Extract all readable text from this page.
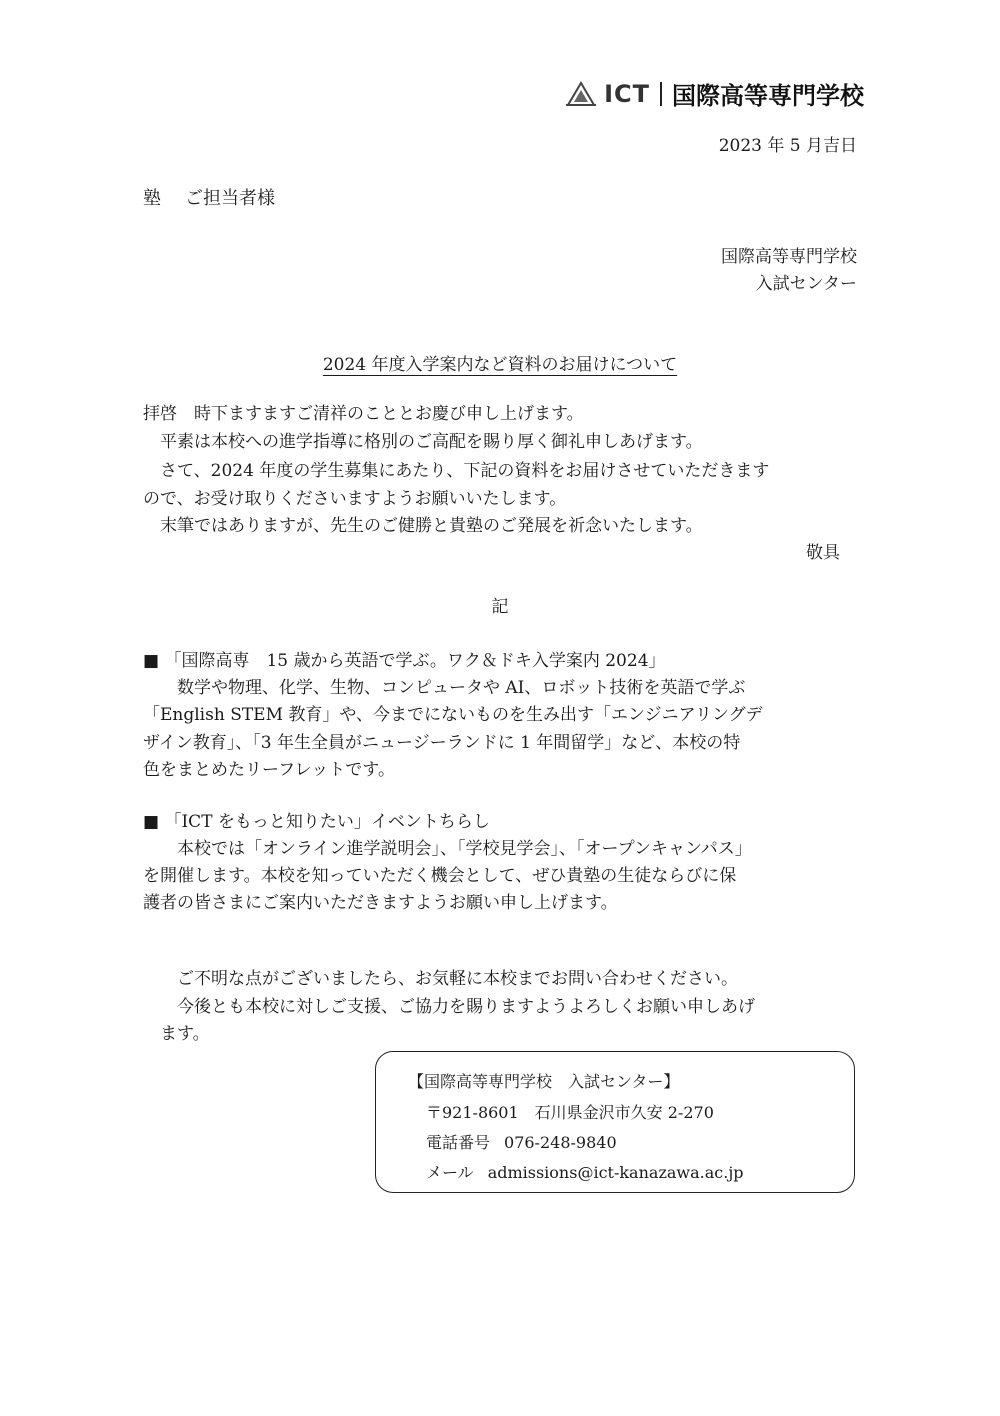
ICT 国際高等専門学校
2023 年 5 月吉日
塾 ご担当者様
国際高等専門学校
入試センター
2024 年度入学案内など資料のお届けについて
拝啓　時下ますますご清祥のこととお慶び申し上げます。
　平素は本校への進学指導に格別のご高配を賜り厚く御礼申しあげます。
　さて、2024 年度の学生募集にあたり、下記の資料をお届けさせていただきます
ので、お受け取りくださいますようお願いいたします。
　末筆ではありますが、先生のご健勝と貴塾のご発展を祈念いたします。
敬具
記
■ 「国際高専　15 歳から英語で学ぶ。ワク＆ドキ入学案内 2024」
　　数学や物理、化学、生物、コンピュータや AI、ロボット技術を英語で学ぶ
「English STEM 教育」や、今までにないものを生み出す「エンジニアリングデ
ザイン教育」、「3 年生全員がニュージーランドに 1 年間留学」など、本校の特
色をまとめたリーフレットです。
■ 「ICT をもっと知りたい」イベントちらし
　　本校では「オンライン進学説明会」、「学校見学会」、「オープンキャンパス」
を開催します。本校を知っていただく機会として、ぜひ貴塾の生徒ならびに保
護者の皆さまにご案内いただきますようお願い申し上げます。
　　ご不明な点がございましたら、お気軽に本校までお問い合わせください。
　　今後とも本校に対しご支援、ご協力を賜りますようよろしくお願い申しあげ
　ます。
【国際高等専門学校　入試センター】
〒921-8601　石川県金沢市久安 2-270
電話番号 076-248-9840
メール admissions@ict-kanazawa.ac.jp
